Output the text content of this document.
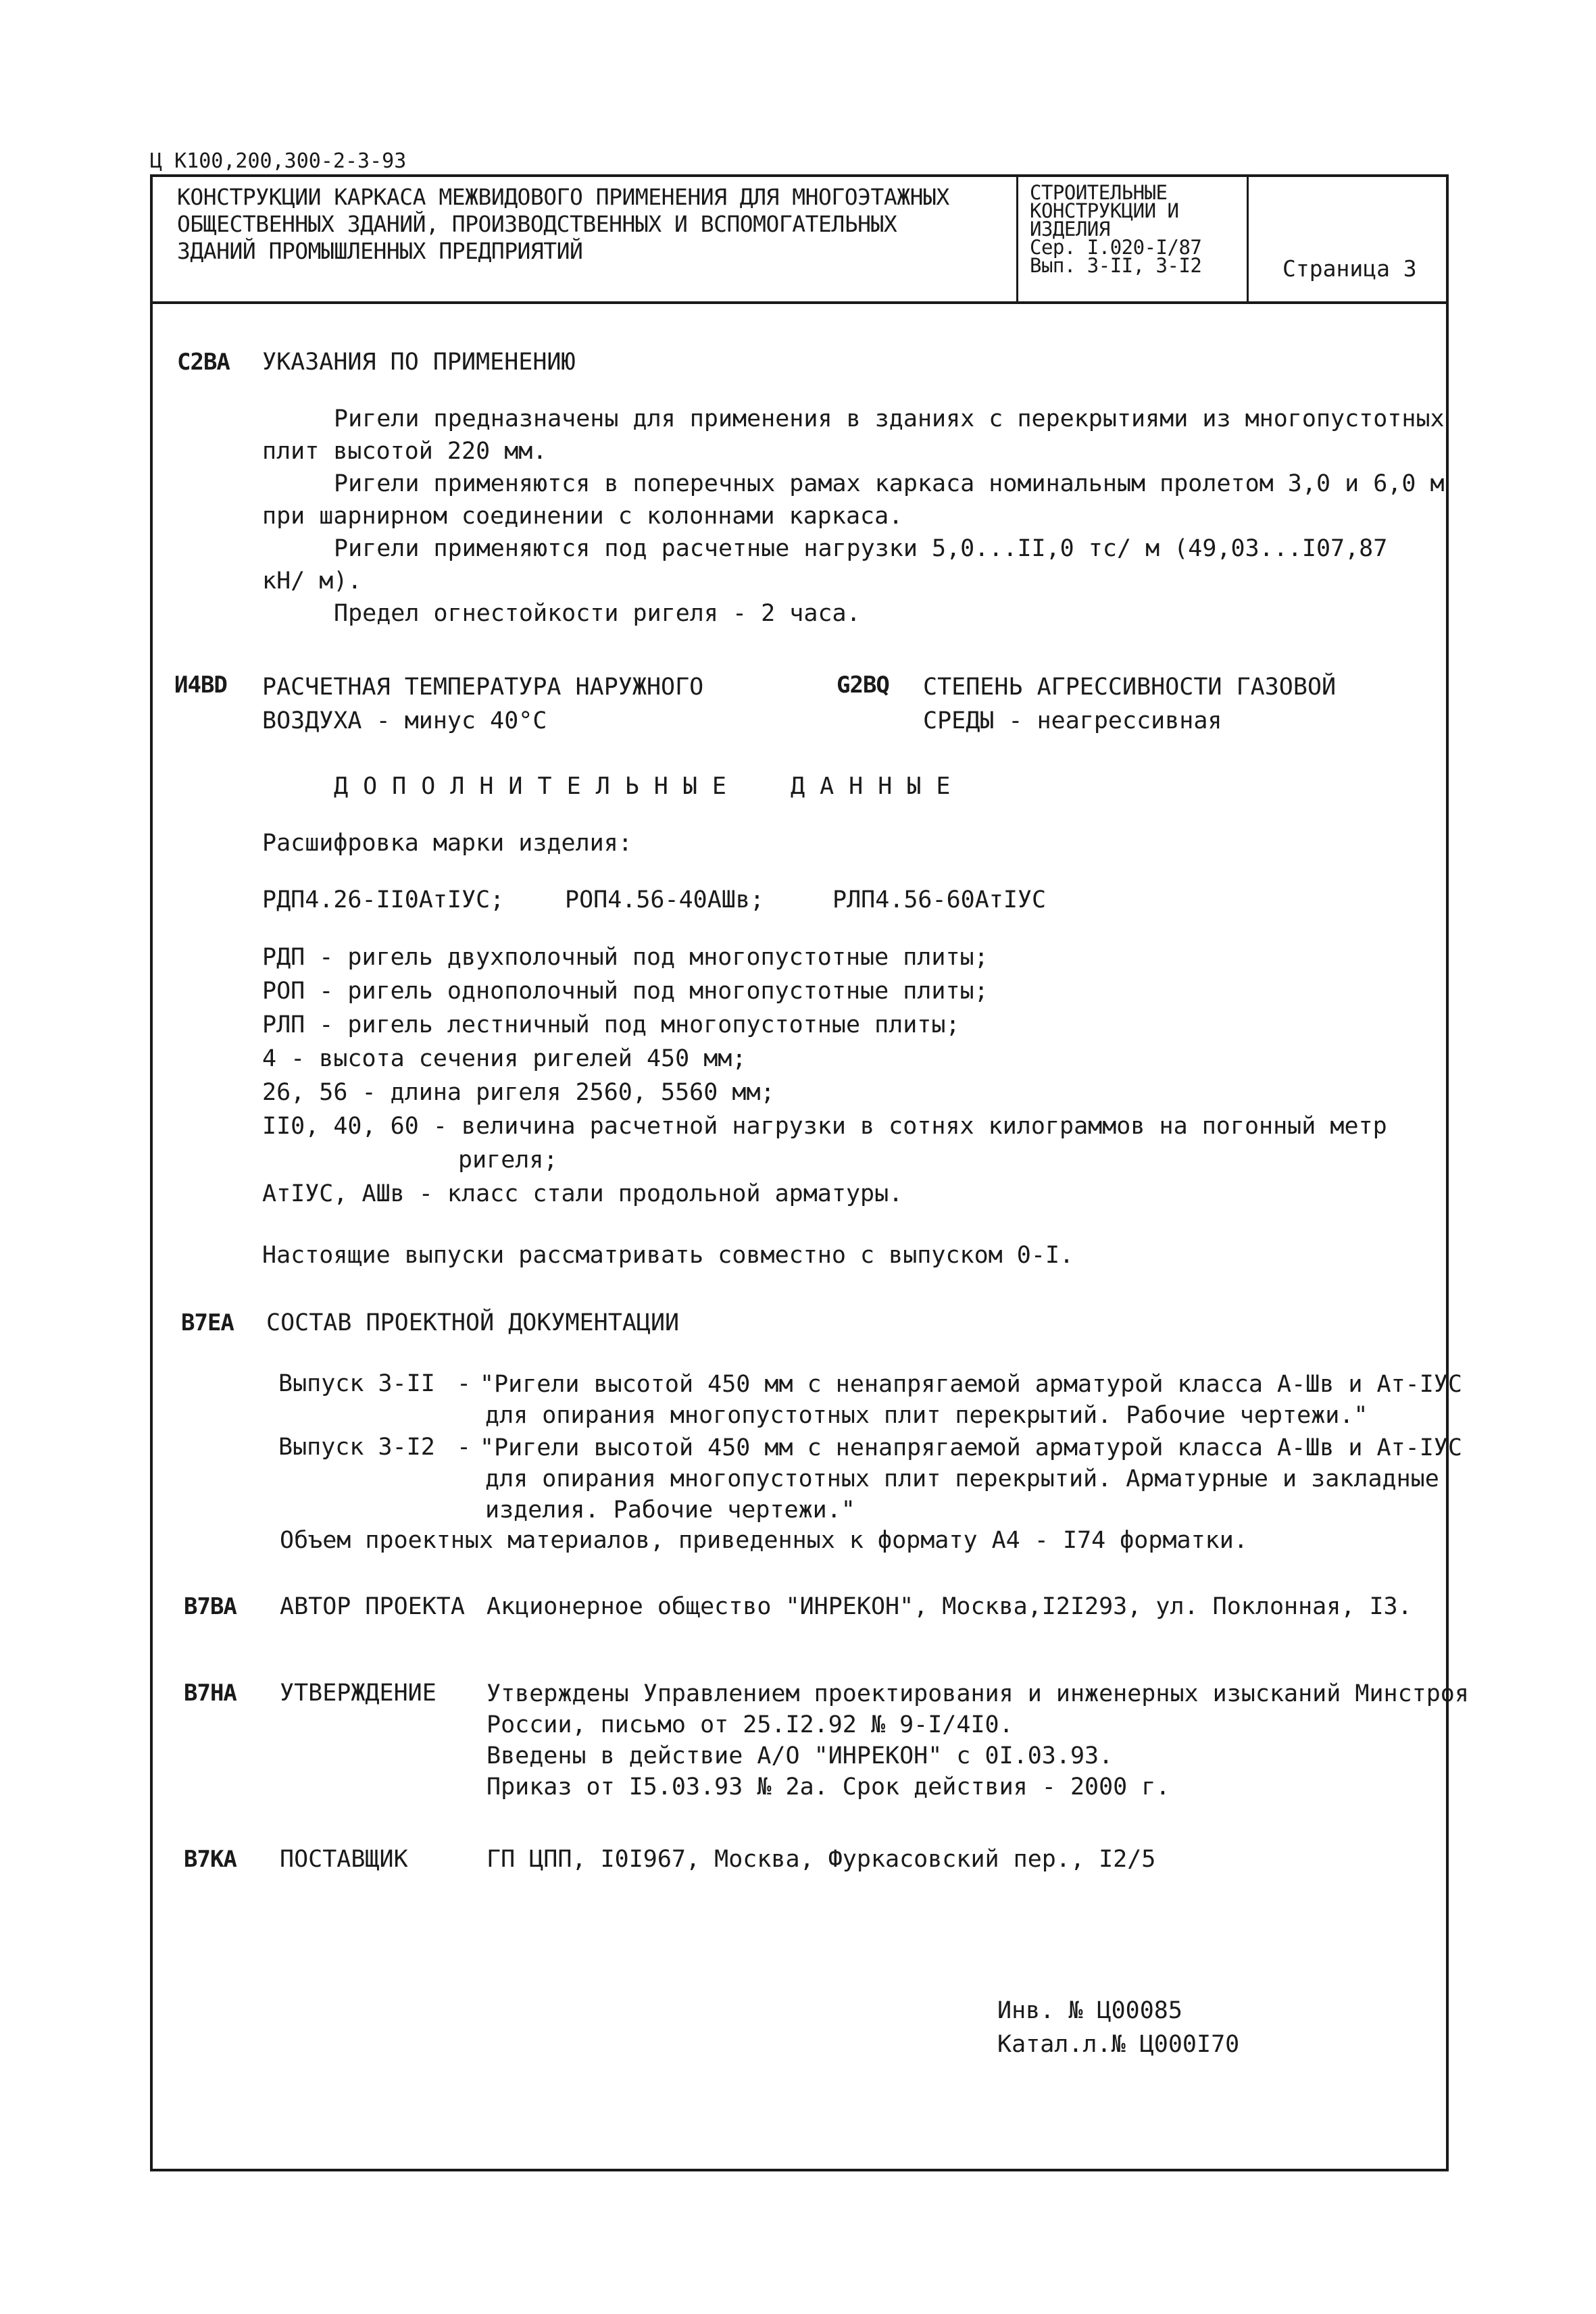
Ц К100,200,300-2-3-93
КОНСТРУКЦИИ КАРКАСА МЕЖВИДОВОГО ПРИМЕНЕНИЯ ДЛЯ МНОГОЭТАЖНЫХ
ОБЩЕСТВЕННЫХ ЗДАНИЙ, ПРОИЗВОДСТВЕННЫХ И ВСПОМОГАТЕЛЬНЫХ
ЗДАНИЙ ПРОМЫШЛЕННЫХ ПРЕДПРИЯТИЙ
СТРОИТЕЛЬНЫЕ
КОНСТРУКЦИИ И
ИЗДЕЛИЯ
Сер. I.020-I/87
Вып. 3-II, 3-I2	Страница 3
C2BA УКАЗАНИЯ ПО ПРИМЕНЕНИЮ
Ригели предназначены для применения в зданиях с перекрытиями из многопустотных
плит высотой 220 мм.
Ригели применяются в поперечных рамах каркаса номинальным пролетом 3,0 и 6,0 м
при шарнирном соединении с колоннами каркаса.
Ригели применяются под расчетные нагрузки 5,0...II,0 тс/ м (49,03...I07,87
кН/ м).
Предел огнестойкости ригеля - 2 часа.
И4ВD РАСЧЕТНАЯ ТЕМПЕРАТУРА НАРУЖНОГО
ВОЗДУХА - минус 40°С
G2BQ СТЕПЕНЬ АГРЕССИВНОСТИ ГАЗОВОЙ
СРЕДЫ - неагрессивная
ДОПОЛНИТЕЛЬНЫЕ ДАННЫЕ
Расшифровка марки изделия:
РДП4.26-II0АтIУС;	РОП4.56-40АШв;	РЛП4.56-60АтIУС
РДП - ригель двухполочный под многопустотные плиты;
РОП - ригель однополочный под многопустотные плиты;
РЛП - ригель лестничный под многопустотные плиты;
4 - высота сечения ригелей 450 мм;
26, 56 - длина ригеля 2560, 5560 мм;
II0, 40, 60 - величина расчетной нагрузки в сотнях килограммов на погонный метр
ригеля;
АтIУС, АШв - класс стали продольной арматуры.
Настоящие выпуски рассматривать совместно с выпуском 0-I.
B7EA СОСТАВ ПРОЕКТНОЙ ДОКУМЕНТАЦИИ
Выпуск 3-II - "Ригели высотой 450 мм с ненапрягаемой арматурой класса А-Шв и Ат-IУС
для опирания многопустотных плит перекрытий. Рабочие чертежи."
Выпуск 3-I2 - "Ригели высотой 450 мм с ненапрягаемой арматурой класса А-Шв и Ат-IУС
для опирания многопустотных плит перекрытий. Арматурные и закладные
изделия. Рабочие чертежи."
Объем проектных материалов, приведенных к формату А4 - I74 форматки.
B7BA АВТОР ПРОЕКТА Акционерное общество "ИНРЕКОН", Москва,I2I293, ул. Поклонная, I3.
B7HA УТВЕРЖДЕНИЕ Утверждены Управлением проектирования и инженерных изысканий Минстроя
России, письмо от 25.I2.92 № 9-I/4I0.
Введены в действие А/О "ИНРЕКОН" с 0I.03.93.
Приказ от I5.03.93 № 2а. Срок действия - 2000 г.
B7KA ПОСТАВЩИК	ГП ЦПП, I0I967, Москва, Фуркасовский пер., I2/5
Инв. № Ц00085
Катал.л.№ Ц000I70
